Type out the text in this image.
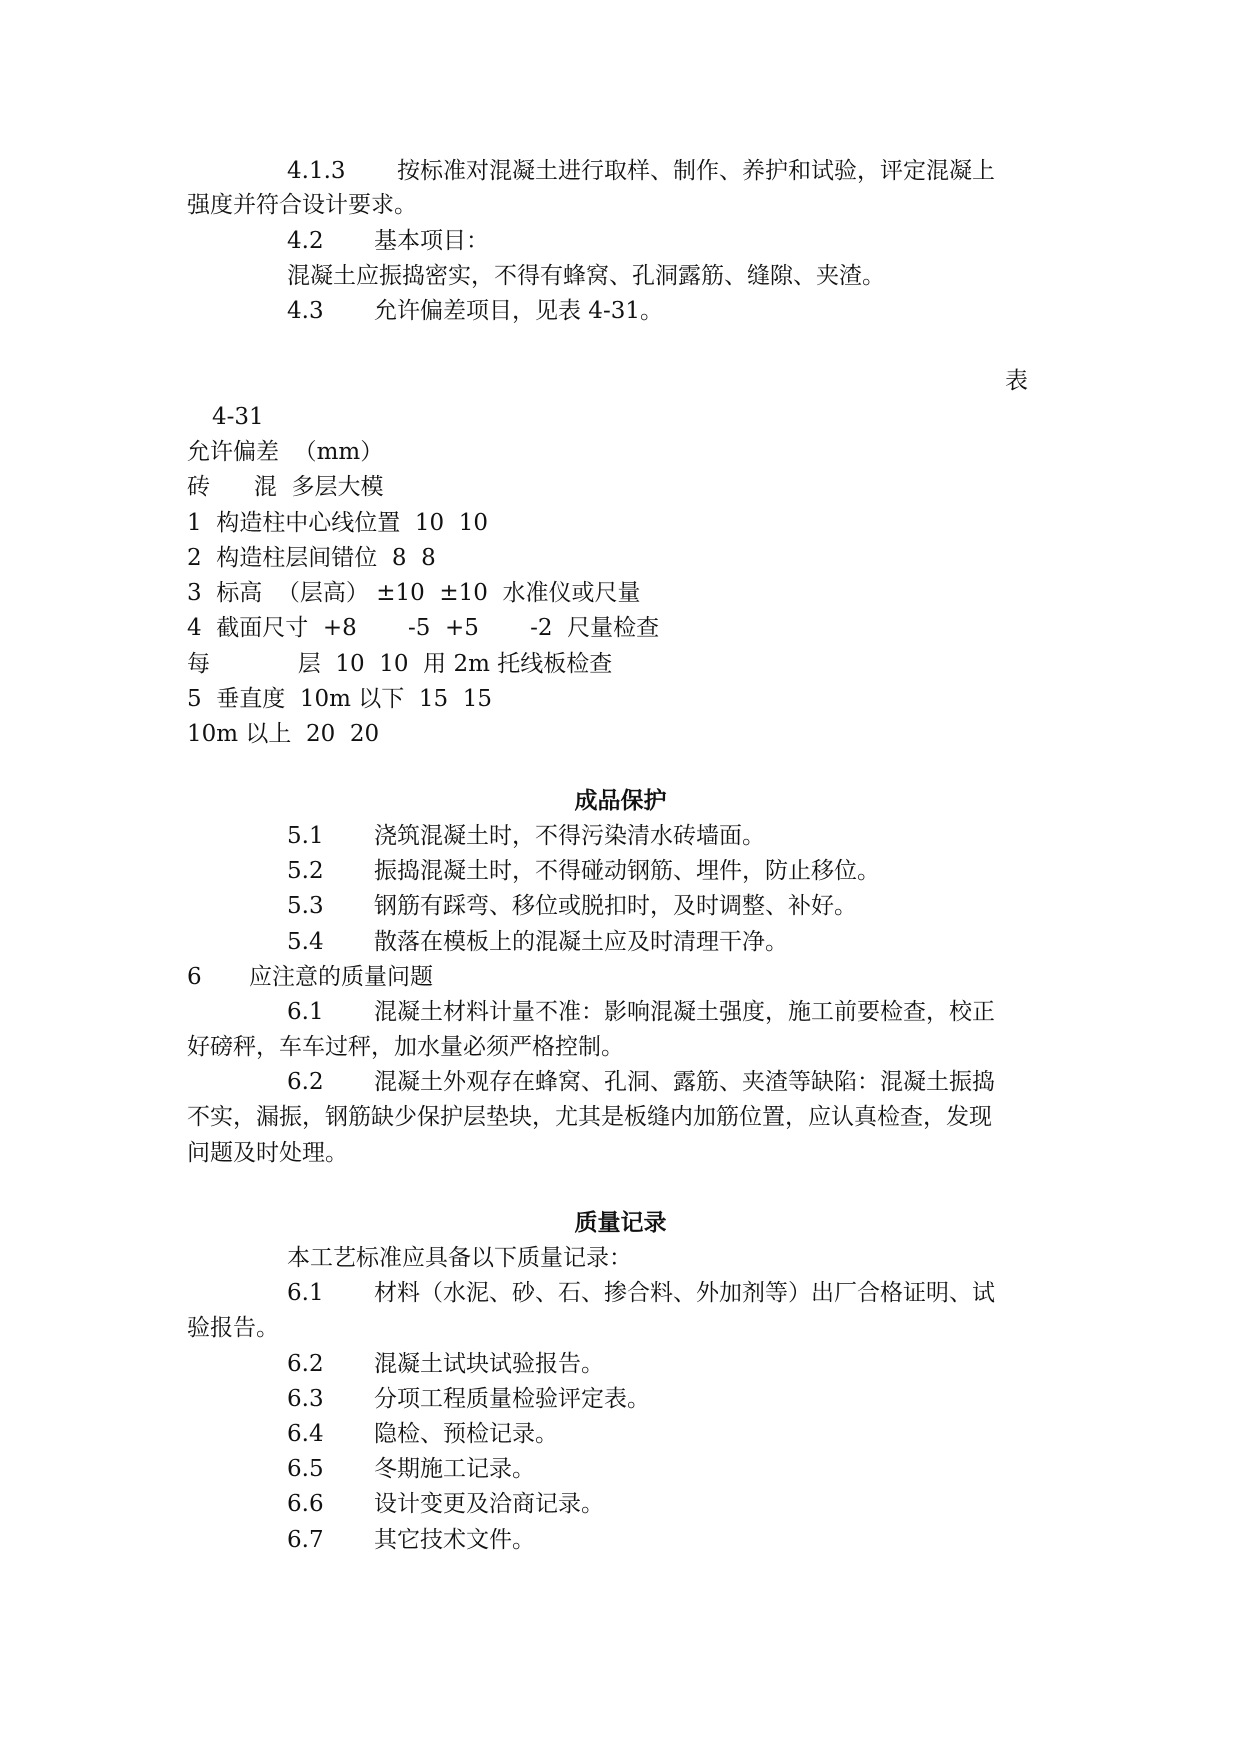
4.1.3 按标准对混凝土进行取样、制作、养护和试验，评定混凝上
强度并符合设计要求。
4.2 基本项目：
混凝土应振捣密实，不得有蜂窝、孔洞露筋、缝隙、夹渣。
4.3 允许偏差项目，见表 4-31。
表
4-31
允许偏差  （mm）
砖      混  多层大模
1  构造柱中心线位置  10  10
2  构造柱层间错位  8  8
3  标高  （层高） ±10  ±10  水准仪或尺量
4  截面尺寸  +8       -5  +5       -2  尺量检查
每            层  10  10  用 2m 托线板检查
5  垂直度  10m 以下  15  15
10m 以上  20  20
成品保护
5.1 浇筑混凝土时，不得污染清水砖墙面。
5.2 振捣混凝土时，不得碰动钢筋、埋件，防止移位。
5.3 钢筋有踩弯、移位或脱扣时，及时调整、补好。
5.4 散落在模板上的混凝土应及时清理干净。
6 应注意的质量问题
6.1 混凝土材料计量不准：影响混凝土强度，施工前要检查，校正
好磅秤，车车过秤，加水量必须严格控制。
6.2 混凝土外观存在蜂窝、孔洞、露筋、夹渣等缺陷：混凝土振捣
不实，漏振，钢筋缺少保护层垫块，尤其是板缝内加筋位置，应认真检查，发现
问题及时处理。
质量记录
本工艺标准应具备以下质量记录：
6.1 材料（水泥、砂、石、掺合料、外加剂等）出厂合格证明、试
验报告。
6.2 混凝土试块试验报告。
6.3 分项工程质量检验评定表。
6.4 隐检、预检记录。
6.5 冬期施工记录。
6.6 设计变更及洽商记录。
6.7 其它技术文件。
